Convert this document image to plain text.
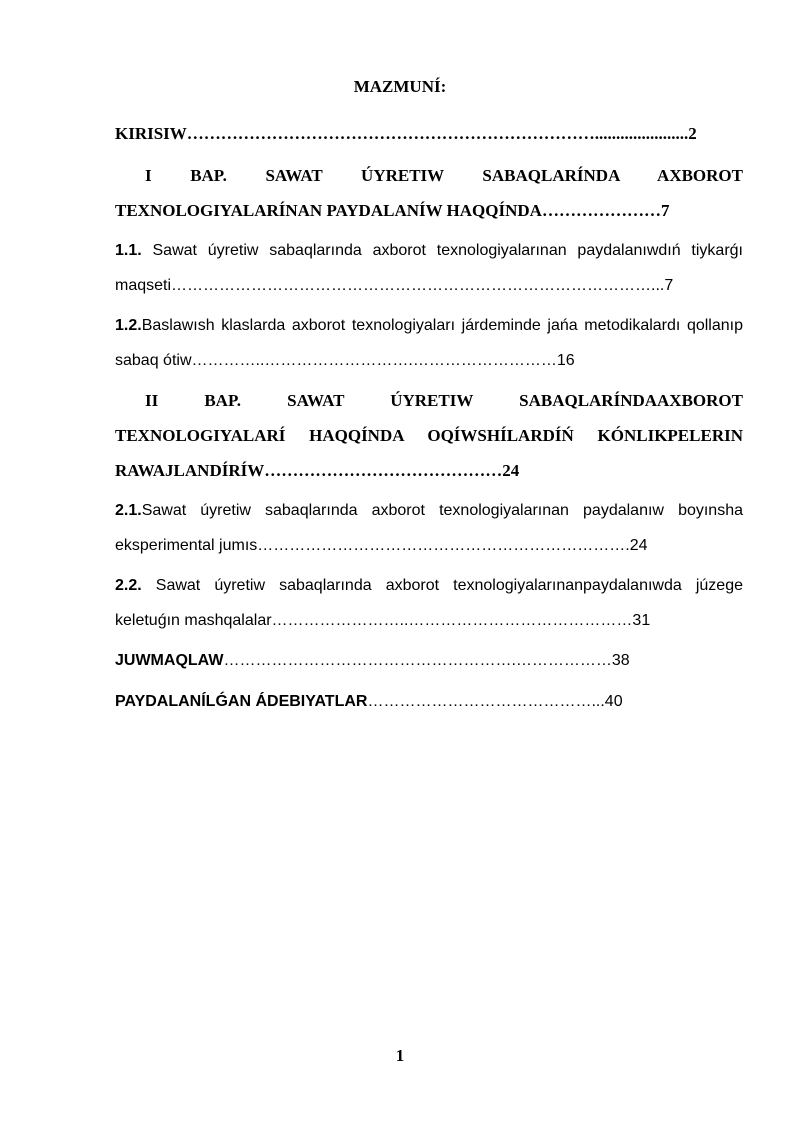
MAZMUNÍ:
KIRISIW………………………………………………………………......................2
I BAP. SAWAT ÚYRETIW SABAQLARÍNDA AXBOROT TEXNOLOGIYALARÍNAN PAYDALANÍW HAQQÍNDA…………………7
1.1. Sawat úyretiw sabaqlarında axborot texnologiyalarınan paydalanıwdıń tiykarǵı maqseti………………………………………………………………………………...7
1.2.Baslawısh klaslarda axborot texnologiyaları járdeminde jańa metodikalardı qollanıp sabaq ótiw…………..……………………….………………………16
II BAP. SAWAT ÚYRETIW SABAQLARÍNDAAXBOROT TEXNOLOGIYALARÍ HAQQÍNDA OQÍWSHÍLARDÍŃ KÓNLIKPELERIN RAWAJLANDÍRÍW……………………………………24
2.1.Sawat úyretiw sabaqlarında axborot texnologiyalarınan paydalanıw boyınsha eksperimental jumıs…………………………………………………………….24
2.2. Sawat úyretiw sabaqlarında axborot texnologiyalarınanpaydalanıwda júzege keletuǵın mashqalalar……………………..……………………………………31
JUWMAQLAW……………………………………………….………………38
PAYDALANÍLǴAN ÁDEBIYATLAR……………………………………...40
1
